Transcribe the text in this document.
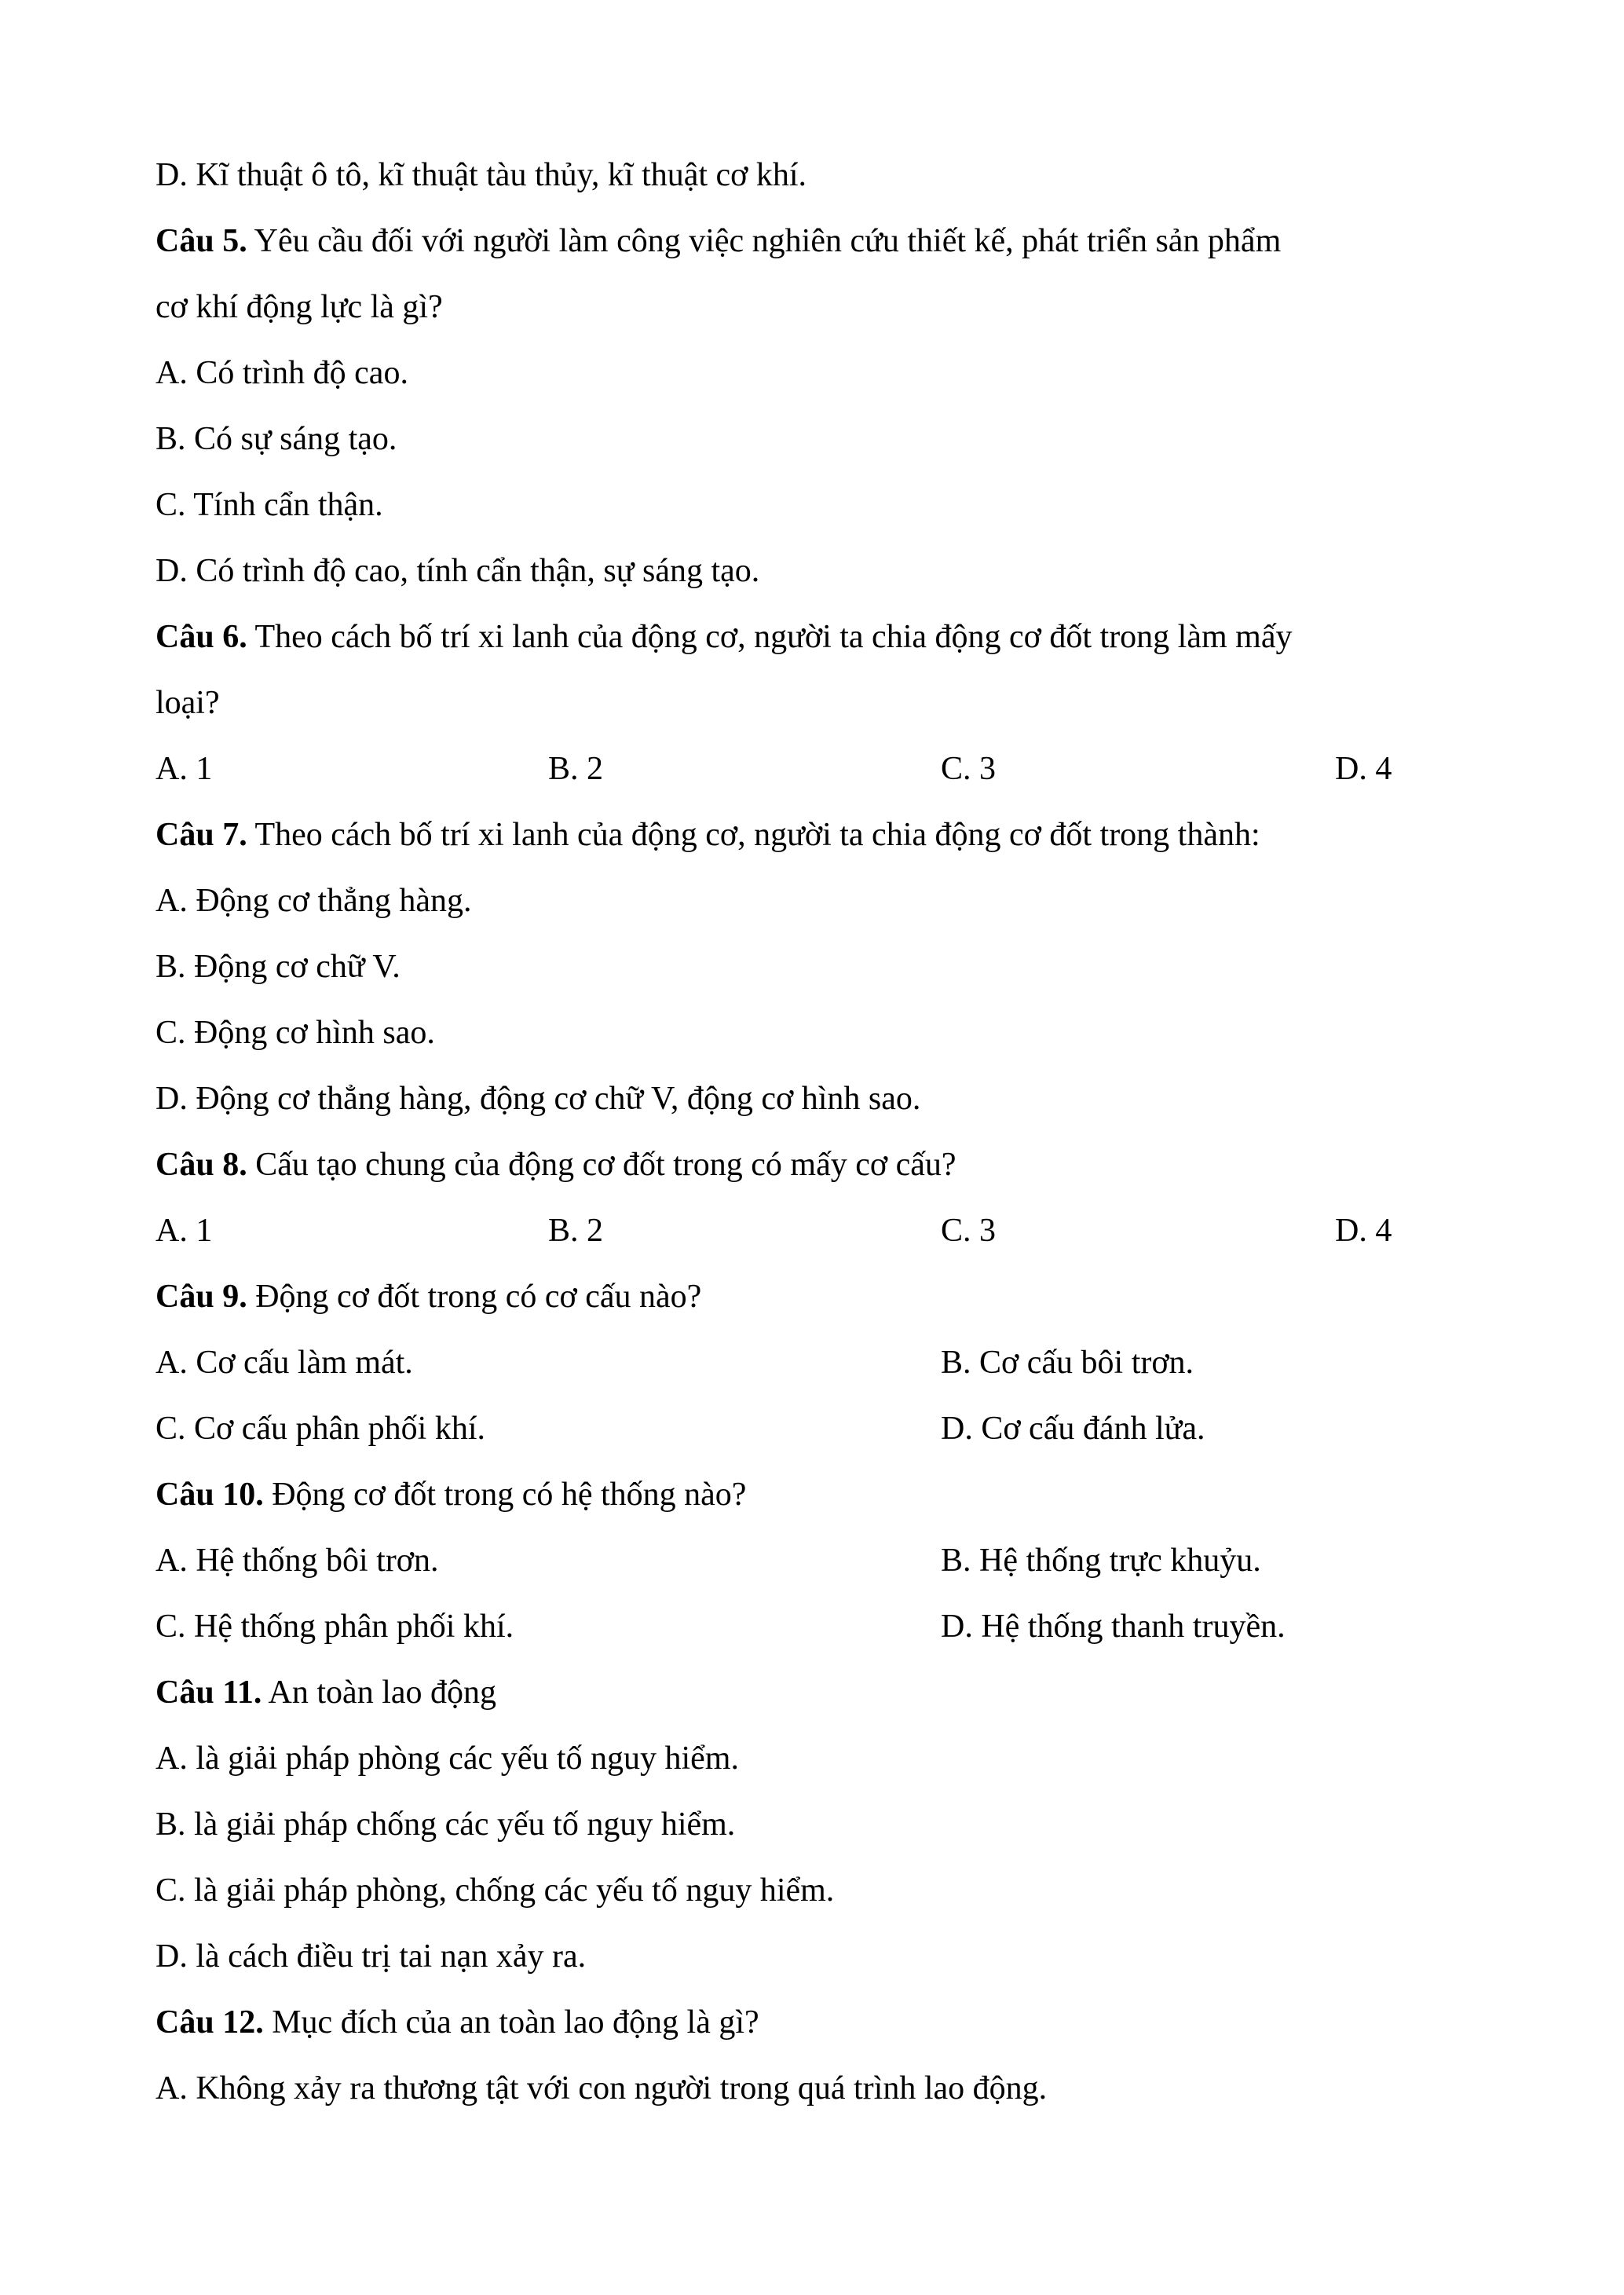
D. Kĩ thuật ô tô, kĩ thuật tàu thủy, kĩ thuật cơ khí.
Câu 5. Yêu cầu đối với người làm công việc nghiên cứu thiết kế, phát triển sản phẩm
cơ khí động lực là gì?
A. Có trình độ cao.
B. Có sự sáng tạo.
C. Tính cẩn thận.
D. Có trình độ cao, tính cẩn thận, sự sáng tạo.
Câu 6. Theo cách bố trí xi lanh của động cơ, người ta chia động cơ đốt trong làm mấy
loại?
A. 1	B. 2	C. 3	D. 4
Câu 7. Theo cách bố trí xi lanh của động cơ, người ta chia động cơ đốt trong thành:
A. Động cơ thẳng hàng.
B. Động cơ chữ V.
C. Động cơ hình sao.
D. Động cơ thẳng hàng, động cơ chữ V, động cơ hình sao.
Câu 8. Cấu tạo chung của động cơ đốt trong có mấy cơ cấu?
A. 1	B. 2	C. 3	D. 4
Câu 9. Động cơ đốt trong có cơ cấu nào?
A. Cơ cấu làm mát.	B. Cơ cấu bôi trơn.
C. Cơ cấu phân phối khí.	D. Cơ cấu đánh lửa.
Câu 10. Động cơ đốt trong có hệ thống nào?
A. Hệ thống bôi trơn.	B. Hệ thống trực khuỷu.
C. Hệ thống phân phối khí.	D. Hệ thống thanh truyền.
Câu 11. An toàn lao động
A. là giải pháp phòng các yếu tố nguy hiểm.
B. là giải pháp chống các yếu tố nguy hiểm.
C. là giải pháp phòng, chống các yếu tố nguy hiểm.
D. là cách điều trị tai nạn xảy ra.
Câu 12. Mục đích của an toàn lao động là gì?
A. Không xảy ra thương tật với con người trong quá trình lao động.
